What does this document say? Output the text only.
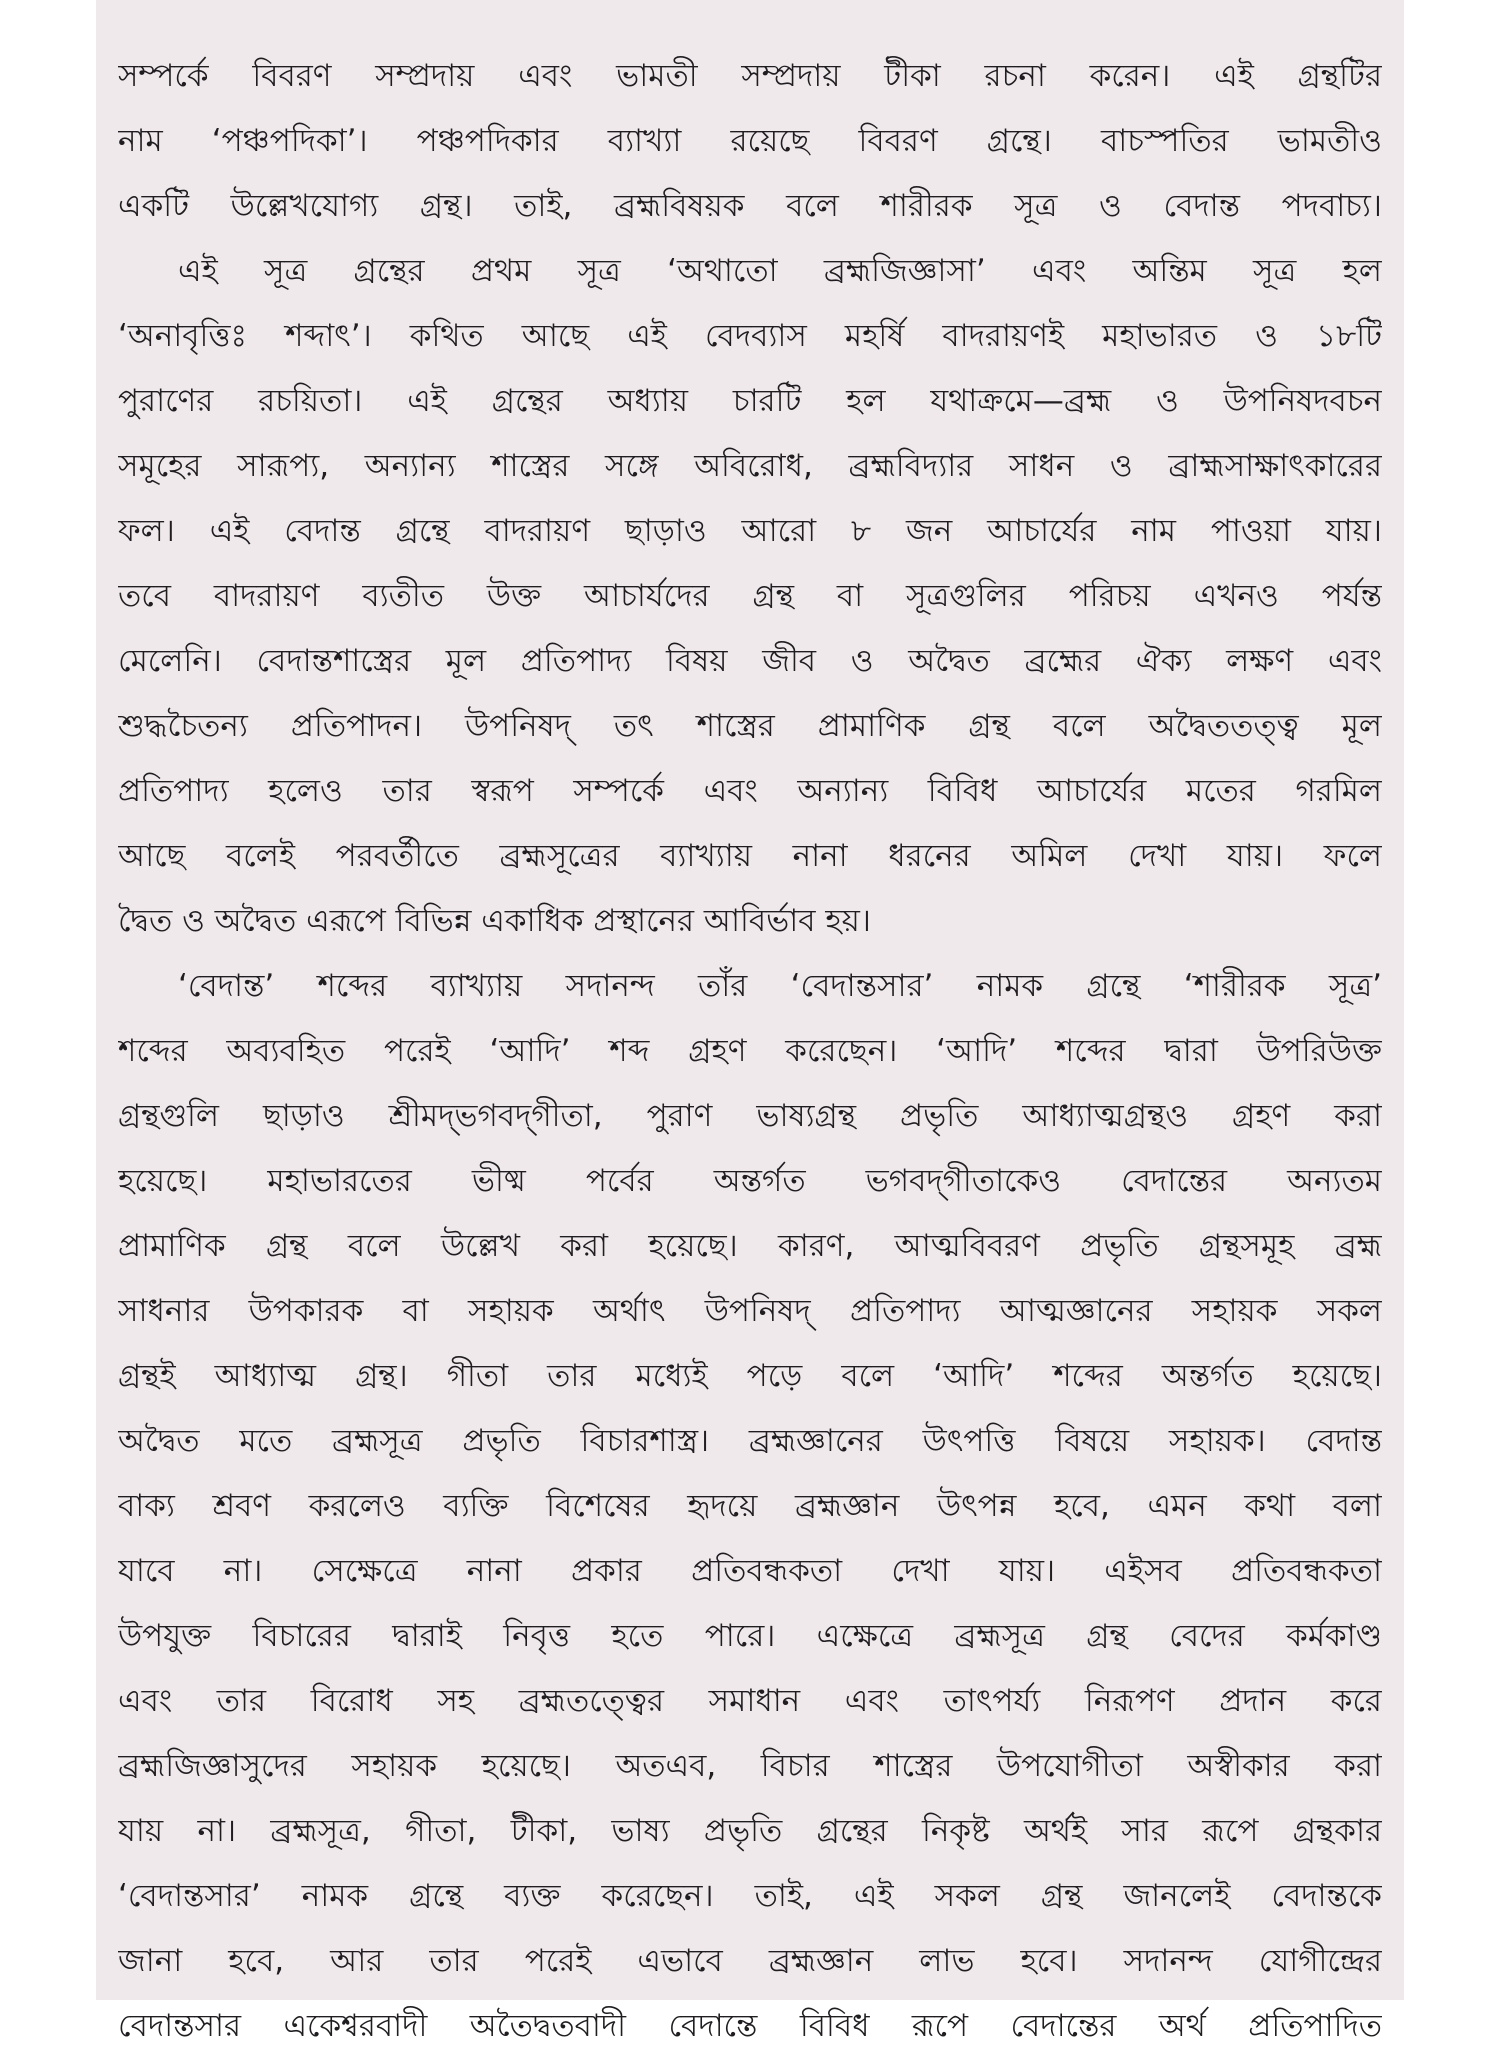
সম্পর্কে বিবরণ সম্প্রদায় এবং ভামতী সম্প্রদায় টীকা রচনা করেন। এই গ্রন্থটির
নাম ‘পঞ্চপদিকা’। পঞ্চপদিকার ব্যাখ্যা রয়েছে বিবরণ গ্রন্থে। বাচস্পতির ভামতীও
একটি উল্লেখযোগ্য গ্রন্থ। তাই, ব্রহ্মবিষয়ক বলে শারীরক সূত্র ও বেদান্ত পদবাচ্য।
এই সূত্র গ্রন্থের প্রথম সূত্র ‘অথাতো ব্রহ্মজিজ্ঞাসা’ এবং অন্তিম সূত্র হল
‘অনাবৃত্তিঃ শব্দাৎ’। কথিত আছে এই বেদব্যাস মহর্ষি বাদরায়ণই মহাভারত ও ১৮টি
পুরাণের রচয়িতা। এই গ্রন্থের অধ্যায় চারটি হল যথাক্রমে—ব্রহ্ম ও উপনিষদবচন
সমূহের সারূপ্য, অন্যান্য শাস্ত্রের সঙ্গে অবিরোধ, ব্রহ্মবিদ্যার সাধন ও ব্রাহ্মসাক্ষাৎকারের
ফল। এই বেদান্ত গ্রন্থে বাদরায়ণ ছাড়াও আরো ৮ জন আচার্যের নাম পাওয়া যায়।
তবে বাদরায়ণ ব্যতীত উক্ত আচার্যদের গ্রন্থ বা সূত্রগুলির পরিচয় এখনও পর্যন্ত
মেলেনি। বেদান্তশাস্ত্রের মূল প্রতিপাদ্য বিষয় জীব ও অদ্বৈত ব্রহ্মের ঐক্য লক্ষণ এবং
শুদ্ধচৈতন্য প্রতিপাদন। উপনিষদ্ তৎ শাস্ত্রের প্রামাণিক গ্রন্থ বলে অদ্বৈততত্ত্ব মূল
প্রতিপাদ্য হলেও তার স্বরূপ সম্পর্কে এবং অন্যান্য বিবিধ আচার্যের মতের গরমিল
আছে বলেই পরবর্তীতে ব্রহ্মসূত্রের ব্যাখ্যায় নানা ধরনের অমিল দেখা যায়। ফলে
দ্বৈত ও অদ্বৈত এরূপে বিভিন্ন একাধিক প্রস্থানের আবির্ভাব হয়।
‘বেদান্ত’ শব্দের ব্যাখ্যায় সদানন্দ তাঁর ‘বেদান্তসার’ নামক গ্রন্থে ‘শারীরক সূত্র’
শব্দের অব্যবহিত পরেই ‘আদি’ শব্দ গ্রহণ করেছেন। ‘আদি’ শব্দের দ্বারা উপরিউক্ত
গ্রন্থগুলি ছাড়াও শ্রীমদ্‌ভগবদ্‌গীতা, পুরাণ ভাষ্যগ্রন্থ প্রভৃতি আধ্যাত্মগ্রন্থও গ্রহণ করা
হয়েছে। মহাভারতের ভীষ্ম পর্বের অন্তর্গত ভগবদ্‌গীতাকেও বেদান্তের অন্যতম
প্রামাণিক গ্রন্থ বলে উল্লেখ করা হয়েছে। কারণ, আত্মবিবরণ প্রভৃতি গ্রন্থসমূহ ব্রহ্ম
সাধনার উপকারক বা সহায়ক অর্থাৎ উপনিষদ্ প্রতিপাদ্য আত্মজ্ঞানের সহায়ক সকল
গ্রন্থই আধ্যাত্ম গ্রন্থ। গীতা তার মধ্যেই পড়ে বলে ‘আদি’ শব্দের অন্তর্গত হয়েছে।
অদ্বৈত মতে ব্রহ্মসূত্র প্রভৃতি বিচারশাস্ত্র। ব্রহ্মজ্ঞানের উৎপত্তি বিষয়ে সহায়ক। বেদান্ত
বাক্য শ্রবণ করলেও ব্যক্তি বিশেষের হৃদয়ে ব্রহ্মজ্ঞান উৎপন্ন হবে, এমন কথা বলা
যাবে না। সেক্ষেত্রে নানা প্রকার প্রতিবন্ধকতা দেখা যায়। এইসব প্রতিবন্ধকতা
উপযুক্ত বিচারের দ্বারাই নিবৃত্ত হতে পারে। এক্ষেত্রে ব্রহ্মসূত্র গ্রন্থ বেদের কর্মকাণ্ড
এবং তার বিরোধ সহ ব্রহ্মতত্ত্বের সমাধান এবং তাৎপর্য্য নিরূপণ প্রদান করে
ব্রহ্মজিজ্ঞাসুদের সহায়ক হয়েছে। অতএব, বিচার শাস্ত্রের উপযোগীতা অস্বীকার করা
যায় না। ব্রহ্মসূত্র, গীতা, টীকা, ভাষ্য প্রভৃতি গ্রন্থের নিকৃষ্ট অর্থই সার রূপে গ্রন্থকার
‘বেদান্তসার’ নামক গ্রন্থে ব্যক্ত করেছেন। তাই, এই সকল গ্রন্থ জানলেই বেদান্তকে
জানা হবে, আর তার পরেই এভাবে ব্রহ্মজ্ঞান লাভ হবে। সদানন্দ যোগীন্দ্রের
বেদান্তসার একেশ্বরবাদী অতৈদ্বতবাদী বেদান্তে বিবিধ রূপে বেদান্তের অর্থ প্রতিপাদিত
